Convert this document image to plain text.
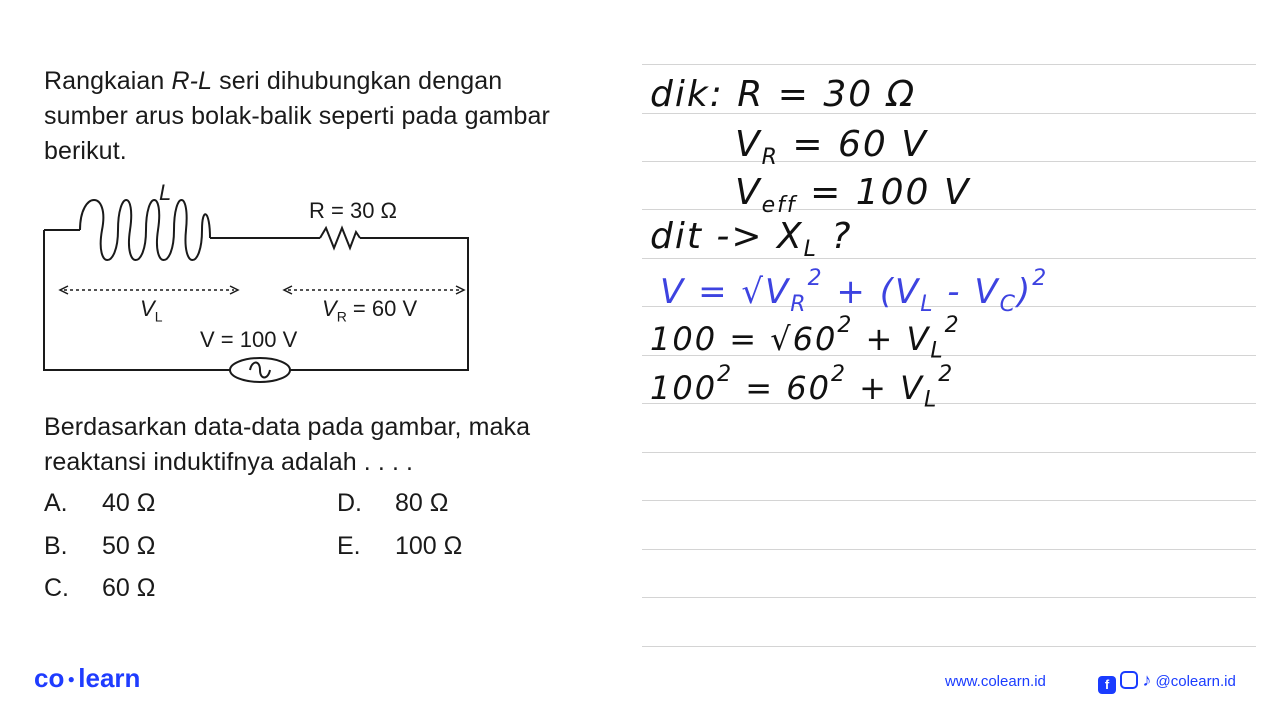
Rangkaian R-L seri dihubungkan dengan
sumber arus bolak-balik seperti pada gambar
berikut.
L
R = 30 Ω
$V_L$	$V_R = 60$ V
V = 100 V
Berdasarkan data-data pada gambar, maka
reaktansi induktifnya adalah . . . .
A. 40 Ω
B. 50 Ω
C. 60 Ω
D. 80 Ω
E. 100 Ω
dik: R = 30 Ω
$V_R = 60$ V
$V_{eff} = 100$ V
dit -> $X_L$ ?
$V = √V_R^2 + (V_L - V_C)^2$
$100 = √60^2 + V_L^2$
$100^2 = 60^2 + V_L^2$
co ● learn	www.colearn.id	f ♪ @colearn.id
